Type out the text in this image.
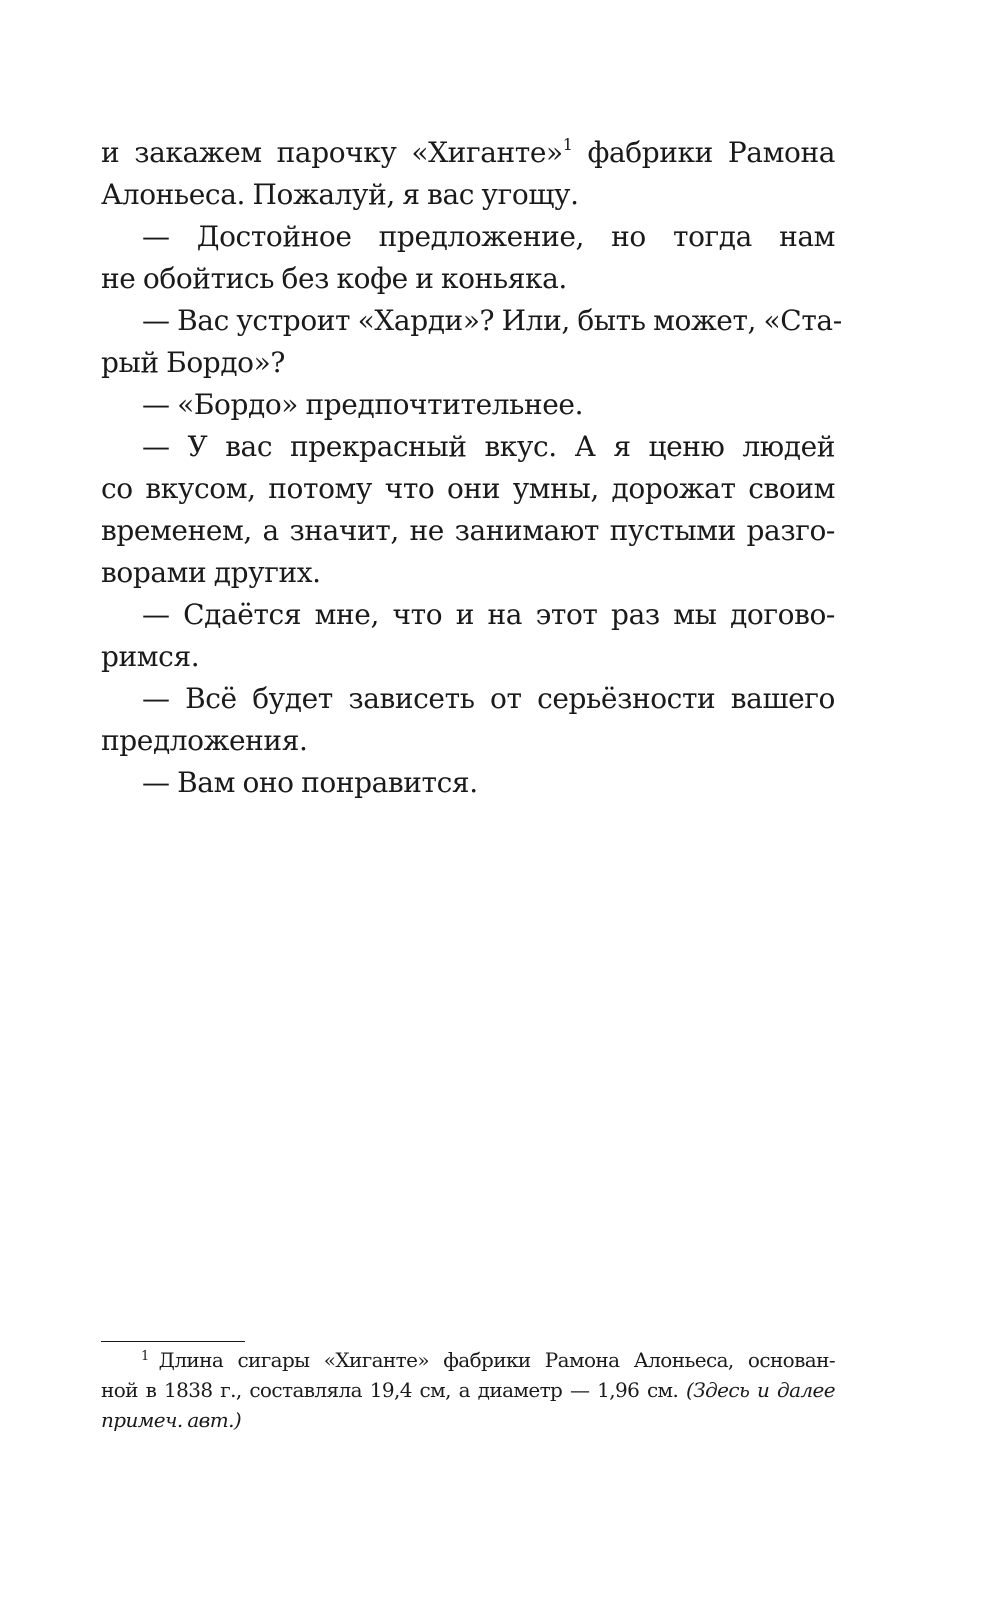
и закажем парочку «Хиганте»$^1$ фабрики Рамона
Алоньеса. Пожалуй, я вас угощу.
— Достойное предложение, но тогда нам
не обойтись без кофе и коньяка.
— Вас устроит «Харди»? Или, быть может, «Ста-
рый Бордо»?
— «Бордо» предпочтительнее.
— У вас прекрасный вкус. А я ценю людей
со вкусом, потому что они умны, дорожат своим
временем, а значит, не занимают пустыми разго-
ворами других.
— Сдаётся мне, что и на этот раз мы догово-
римся.
— Всё будет зависеть от серьёзности вашего
предложения.
— Вам оно понравится.
$^1$ Длина сигары «Хиганте» фабрики Рамона Алоньеса, основан-
ной в 1838 г., составляла 19,4 см, а диаметр — 1,96 см. (Здесь и далее
примеч. авт.)
